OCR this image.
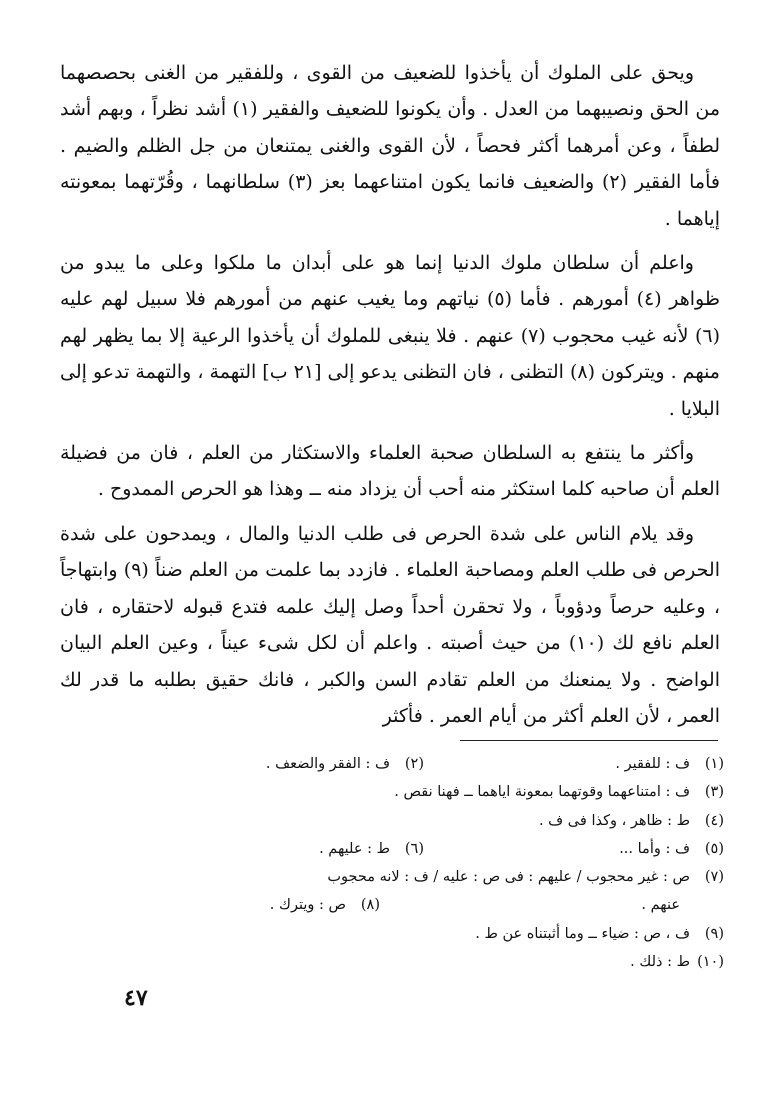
ويحق على الملوك أن يأخذوا للضعيف من القوى ، وللفقير من الغنى بحصصهما من الحق ونصيبهما من العدل . وأن يكونوا للضعيف والفقير (١) أشد نظراً ، وبهم أشد لطفاً ، وعن أمرهما أكثر فحصاً ، لأن القوى والغنى يمتنعان من جل الظلم والضيم . فأما الفقير (٢) والضعيف فانما يكون امتناعهما بعز (٣) سلطانهما ، وقُرّتهما بمعونته إياهما .

واعلم أن سلطان ملوك الدنيا إنما هو على أبدان ما ملكوا وعلى ما يبدو من ظواهر (٤) أمورهم . فأما (٥) نياتهم وما يغيب عنهم من أمورهم فلا سبيل لهم عليه (٦) لأنه غيب محجوب (٧) عنهم . فلا ينبغى للملوك أن يأخذوا الرعية إلا بما يظهر لهم منهم . ويتركون (٨) التظنى ، فان التظنى يدعو إلى [٢١ ب] التهمة ، والتهمة تدعو إلى البلايا .

وأكثر ما ينتفع به السلطان صحبة العلماء والاستكثار من العلم ، فان من فضيلة العلم أن صاحبه كلما استكثر منه أحب أن يزداد منه ــ وهذا هو الحرص الممدوح .

وقد يلام الناس على شدة الحرص فى طلب الدنيا والمال ، ويمدحون على شدة الحرص فى طلب العلم ومصاحبة العلماء . فازدد بما علمت من العلم ضناً (٩) وابتهاجاً ، وعليه حرصاً ودؤوباً ، ولا تحقرن أحداً وصل إليك علمه فتدع قبوله لاحتقاره ، فان العلم نافع لك (١٠) من حيث أصبته . واعلم أن لكل شىء عيناً ، وعين العلم البيان الواضح . ولا يمنعنك من العلم تقادم السن والكبر ، فانك حقيق بطلبه ما قدر لك العمر ، لأن العلم أكثر من أيام العمر . فأكثر

(١)ف : للفقير .
(٢)ف : الفقر والضعف .
(٣)ف : امتناعهما وقوتهما بمعونة اياهما ــ فهنا نقص .
(٤)ط : ظاهر ، وكذا فى ف .
(٥)ف : وأما ...
(٦)ط : عليهم .
(٧)ص : غير محجوب / عليهم : فى ص : عليه / ف : لانه محجوب
عنهم .
(٨)ص : ويترك .
(٩)ف ، ص : ضياء ــ وما أثبتناه عن ط .
(١٠)ط : ذلك .
٤٧
